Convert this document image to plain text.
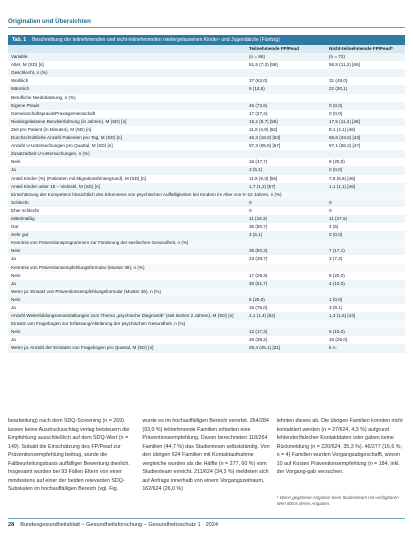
Originalien und Übersichten
Tab. 1 Beschreibung der teilnehmenden und nicht-teilnehmenden niedergelassenen Kinder- und Jugendärzte (Fünfzig)
	Teilnehmende FP/Pead	Nicht-teilnehmende FP/Pead*
Variable	(n = 66)	(n = 72)
Alter, M (SD) [n]	51,5 (7,3) [58]	56,8 (11,2) [66]
Geschlecht, n (%)		
Weiblich	37 (63,0)	31 (49,0)
Männlich	9 (13,6)	22 (30,1)
Berufliche Niederlassung, n (%)		
Eigene Praxis	45 (72,6)	0 (0,0)
Gemeinschaftspraxis/Praxisgemeinschaft	17 (27,4)	0 (0,0)
Niedergelassene Berufserfahrung (in Jahren), M (SD) [n]	15,2 (8,7) [59]	17,5 (11,2) [48]
Zeit pro Patient (in Minuten), M (SD) [n]	11,6 (4,9) [52]	9,1 (4,1) [46]
Durchschnittliche Anzahl Patienten pro Tag, M (SD) [n]	46,3 (18,0) [53]	55,6 (23,6) [43]
Anzahl U-Untersuchungen pro Quartal, M (SD) [n]	97,3 (65,5) [57]	97,1 (68,2) [47]
Zusatzarbeit U-Untersuchungen, n (%)		
Nein	16 (47,7)	9 (20,0)
Ja	3 (5,1)	0 (0,0)
Anteil Kinder (%) (Patienten mit Migrationshintergrund), M (SD) [n]	11,9 (9,3) [55]	7,8 (6,6) [46]
Anteil Kinder unter 18 – Vielzahl, M (SD) [n]	1,7 (1,2) [57]	1,1 (1,1) [46]
Einschätzung der Kompetenz hinsichtlich des Erkennens von psychischen Auffälligkeiten bei Kindern im Alter von 0–10 Jahren, n (%)		
Schlecht	0	0
Eher schlecht	0	0
Mittelmäßig	11 (18,3)	11 (27,5)
Gut	36 (60,7)	2 (5)
Sehr gut	3 (5,1)	0 (0,0)
Kenntnis von Präventionsprogrammen zur Förderung der seelischen Gesundheit, n (%)		
Nein	35 (60,3)	7 (17,1)
Ja	23 (39,7)	3 (7,3)
Kenntnis von Präventionsempfehlungsformular (Muster 36), n (%)		
Nein	17 (29,3)	8 (20,0)
Ja	30 (51,7)	4 (10,0)
Wenn ja: Einsatz von Präventionsempfehlungsformular (Muster 36), n (%)		
Nein	5 (25,0)	1 (0,0)
Ja	15 (75,0)	3 (9,1)
Anzahl Weiterbildungsveranstaltungen zum Thema „psychische Diagnostik“ (seit letzten 2 Jahren), M (SD) [n]	2,1 (1,4) [52]	1,3 (1,5) [43]
Einsatz von Fragebogen zur Erfassung/Abklärung der psychischen Gesundheit, n (%)		
Nein	12 (17,3)	6 (15,0)
Ja	26 (38,2)	10 (25,0)
Wenn ja: Anzahl der Einsätze von Fragebogen pro Quartal, M (SD) [n]	28,4 (45,1) [31]	k.A.
bearbeitung) nach dem SDQ-Screening (n = 269) lassen keine Ausdrucksschlag verlag beisteuern die Empfehlung ausschließlich auf dem SDQ-Wert (n = 149). Sobald die Einschätzung des FP/Pead zur Präventionsempfehlung beitrug, wurde die Fallbeurteilungsbasis auffälliger Bewertung dienlich. Insgesamt wurden bei 93 Fällen Eltern von einer mindestens auf einer der beiden relevanten SDQ-Subskalen im hochauffälligen Bereich (vgl. Fig.
wurde es im hochauffälligen Bereich verortet. 264/284 (93,0 %) teilnehmende Familien erhielten eine Präventionsempfehlung. Davon berechneten 118/264 Familien (44,7 %) das Studienteam selbstständig. Von den übrigen 624 Familien mit Kontaktaufnahme vergleiche wurden als die Hälfte (n = 277, 60 %) vom Studienteam erreicht. 211/624 (34,3 %) meldeten sich auf Anfrage innerhalb von einem Vorgangszeitraum, 162/624 (26,0 %)
lehnten dieses ab. Die übrigen Familien konnten nicht kontaktiert werden (n = 27/624, 4,3 %) aufgrund fehlender/falscher Kontaktdaten oder gaben keine Rückmeldung (n = 220/624, 35,3 %). 46/277 (16,6 %; n = 4) Familien wurden Vorgangsabgeschafft, wovon 10 auf Kosten Präventionsempfehlung (n = 184, inkl. der Vorgang-gab versuchen.
* Wenn gegebene Angaben beim Studienteam mit verfügbaren Wert 80ms deren Angaben.
28 Bundesgesundheitsblatt – Gesundheitsforschung – Gesundheitsschutz 1 · 2024
